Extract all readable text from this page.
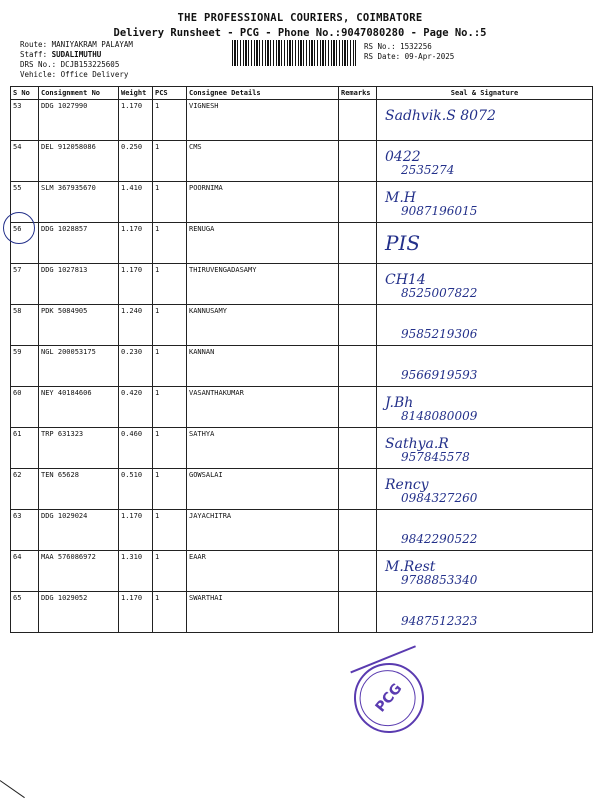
THE PROFESSIONAL COURIERS, COIMBATORE
Delivery Runsheet - PCG - Phone No.:9047080280 - Page No.:5
Route: MANIYAKRAM PALAYAM
Staff: SUDALIMUTHU
DRS No.: DCJB153225605
Vehicle: Office Delivery
RS No.: 1532256
RS Date: 09-Apr-2025
S No	Consignment No	Weight	PCS	Consignee Details	Remarks	Seal & Signature
53	DDG 1027990	1.170	1	VIGNESH		Sadhvik.S 8072

54	DEL 912058086	0.250	1	CMS		0422
2535274

55	SLM 367935670	1.410	1	POORNIMA		M.H
9087196015

56	DDG 1028857	1.170	1	RENUGA		PIS

57	DDG 1027813	1.170	1	THIRUVENGADASAMY		CH14
8525007822

58	PDK 5084905	1.240	1	KANNUSAMY		9585219306

59	NGL 200053175	0.230	1	KANNAN		9566919593

60	NEY 40184606	0.420	1	VASANTHAKUMAR		J.Bh
8148080009

61	TRP 631323	0.460	1	SATHYA		Sathya.R
957845578

62	TEN 65628	0.510	1	GOWSALAI		Rency
0984327260

63	DDG 1029024	1.170	1	JAYACHITRA		9842290522

64	MAA 576086972	1.310	1	EAAR		M.Rest
9788853340

65	DDG 1029052	1.170	1	SWARTHAI		9487512323
PCG
